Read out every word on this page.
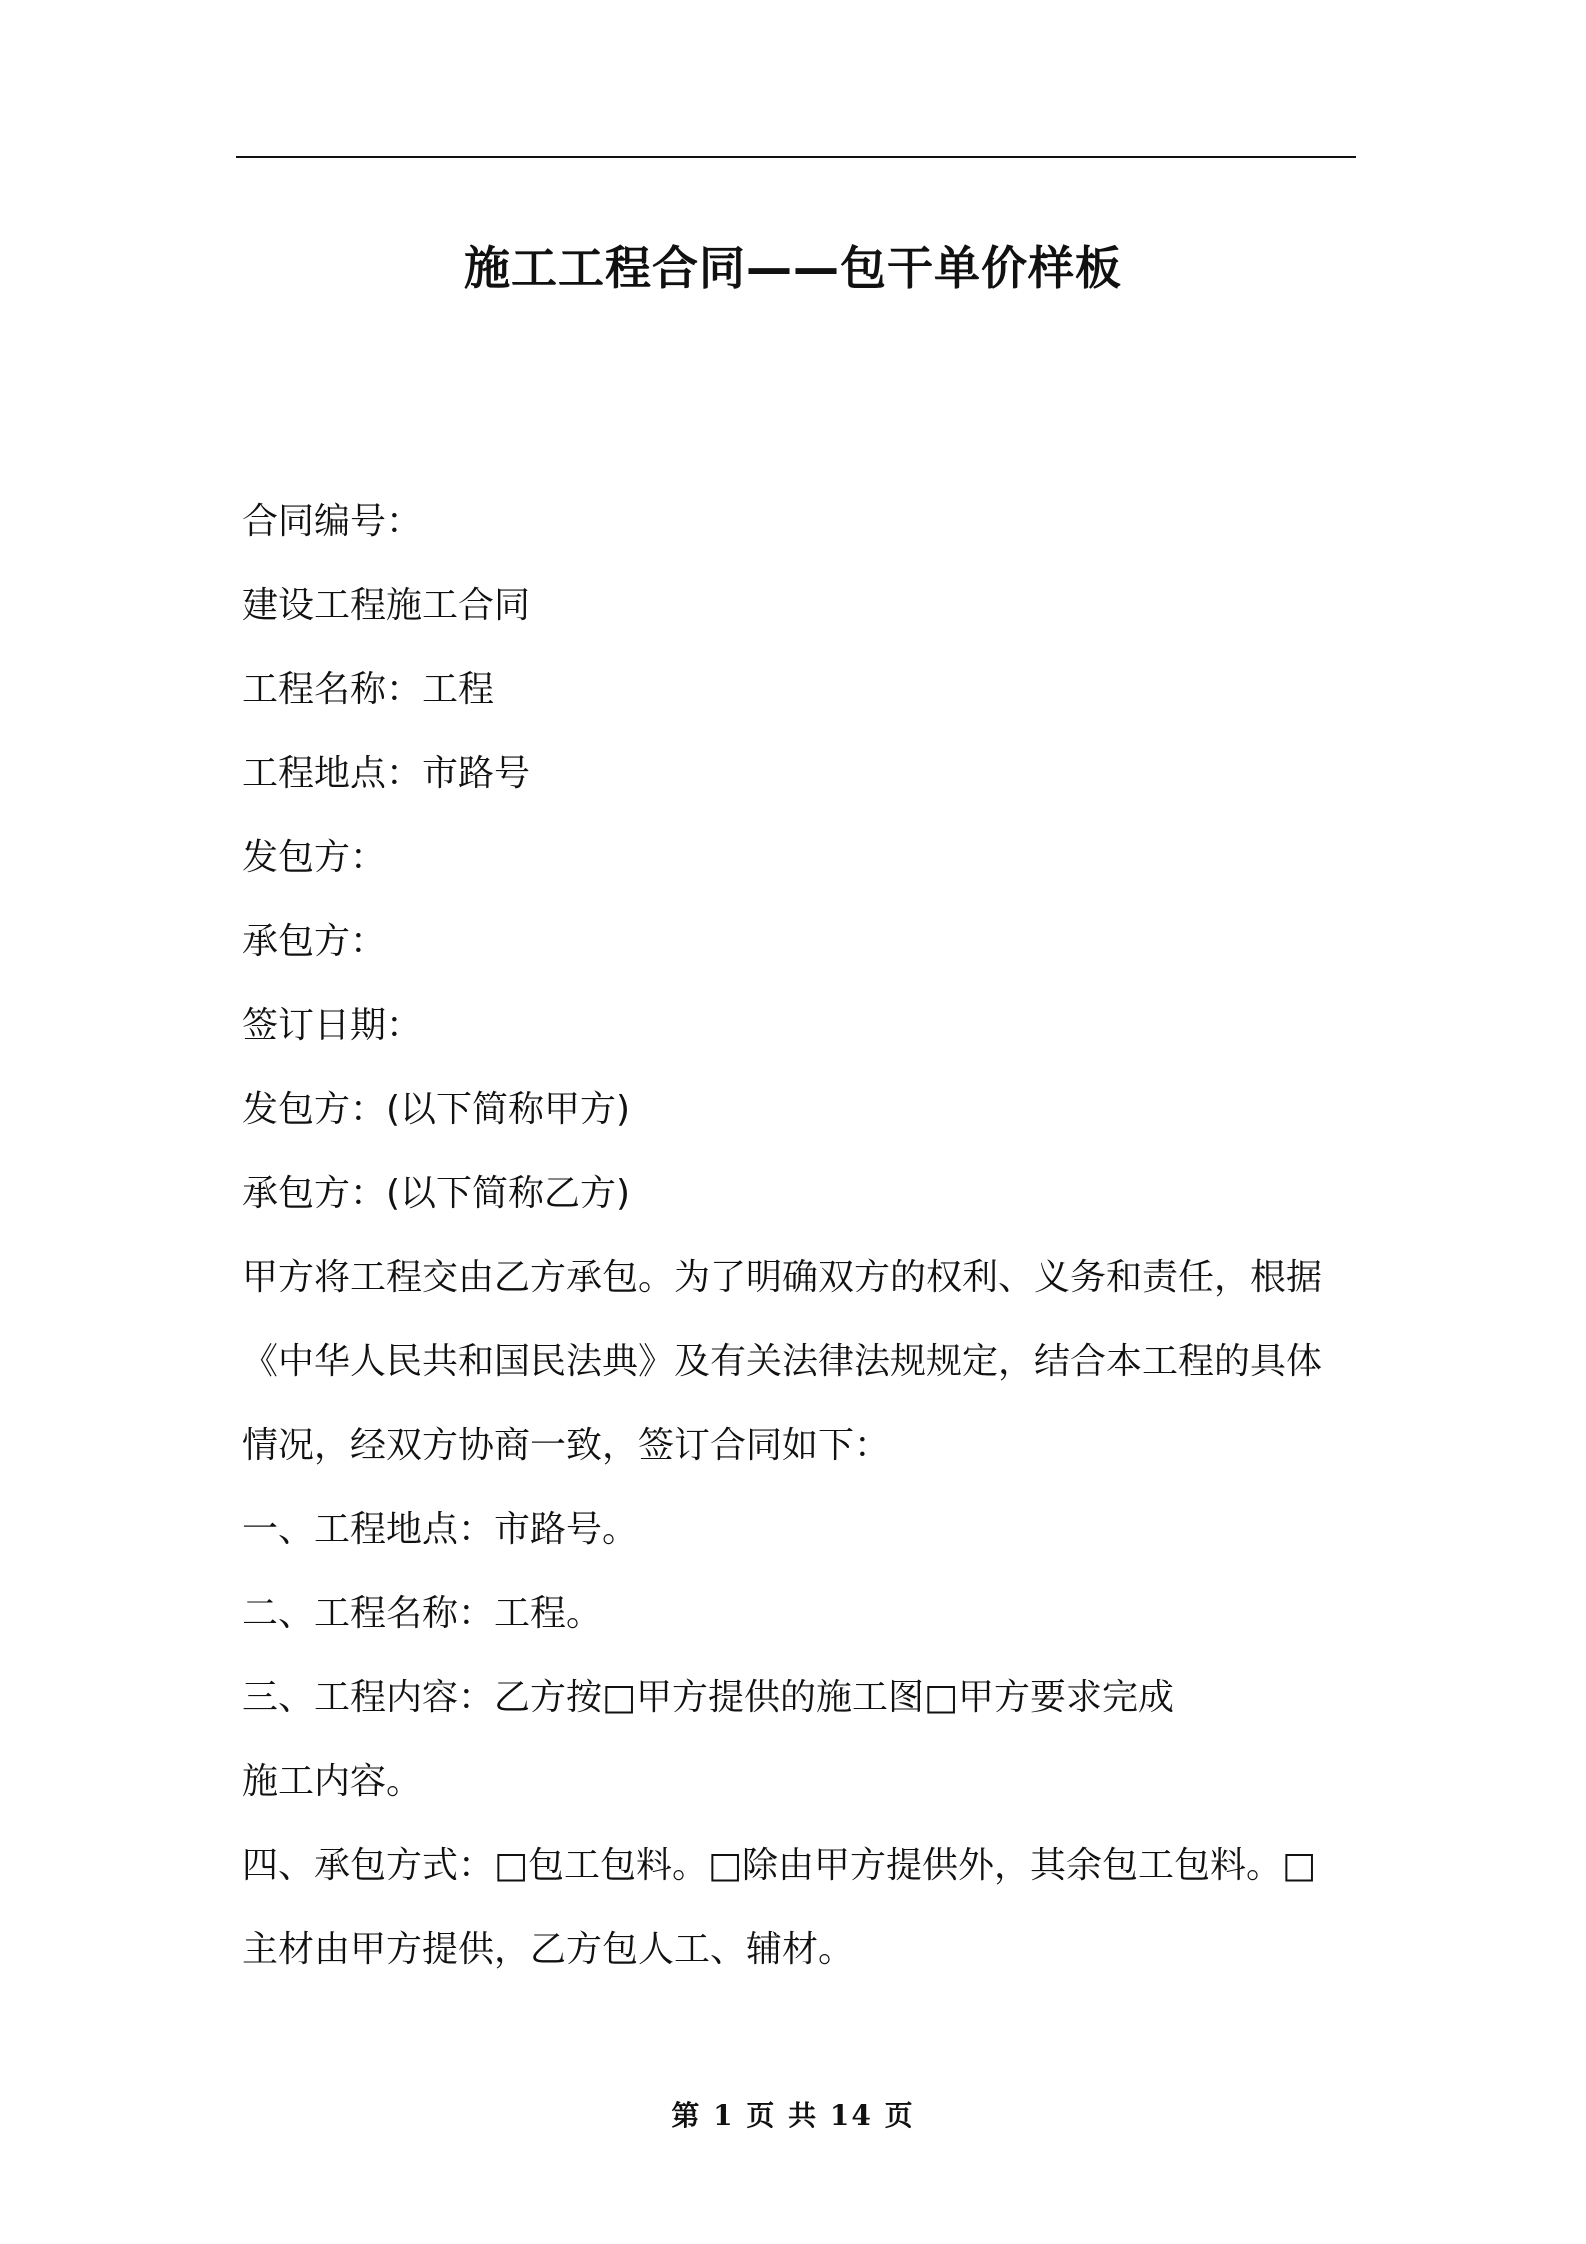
施工工程合同——包干单价样板
合同编号：
建设工程施工合同
工程名称：工程
工程地点：市路号
发包方：
承包方：
签订日期：
发包方：(以下简称甲方)
承包方：(以下简称乙方)
甲方将工程交由乙方承包。为了明确双方的权利、义务和责任，根据
《中华人民共和国民法典》及有关法律法规规定，结合本工程的具体
情况，经双方协商一致，签订合同如下：
一、工程地点：市路号。
二、工程名称：工程。
三、工程内容：乙方按□甲方提供的施工图□甲方要求完成
施工内容。
四、承包方式：□包工包料。□除由甲方提供外，其余包工包料。□
主材由甲方提供，乙方包人工、辅材。
第 1 页 共 14 页
